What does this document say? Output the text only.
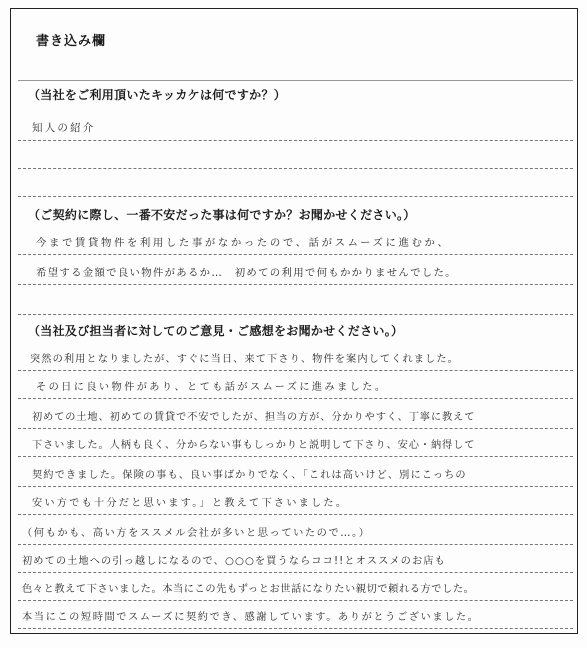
書き込み欄
（当社をご利用頂いたキッカケは何ですか？）
知人の紹介
（ご契約に際し、一番不安だった事は何ですか？お聞かせください。）
今まで賃貸物件を利用した事がなかったので、話がスムーズに進むか、
希望する金額で良い物件があるか…　初めての利用で何もかかりませんでした。
（当社及び担当者に対してのご意見・ご感想をお聞かせください。）
突然の利用となりましたが、すぐに当日、来て下さり、物件を案内してくれました。
その日に良い物件があり、とても話がスムーズに進みました。
初めての土地、初めての賃貸で不安でしたが、担当の方が、分かりやすく、丁寧に教えて
下さいました。人柄も良く、分からない事もしっかりと説明して下さり、安心・納得して
契約できました。保険の事も、良い事ばかりでなく、「これは高いけど、別にこっちの
安い方でも十分だと思います。」と教えて下さいました。
（何もかも、高い方をススメル会社が多いと思っていたので…。）
初めての土地への引っ越しになるので、○○○を買うならココ!!とオススメのお店も
色々と教えて下さいました。本当にこの先もずっとお世話になりたい親切で頼れる方でした。
本当にこの短時間でスムーズに契約でき、感謝しています。ありがとうございました。
